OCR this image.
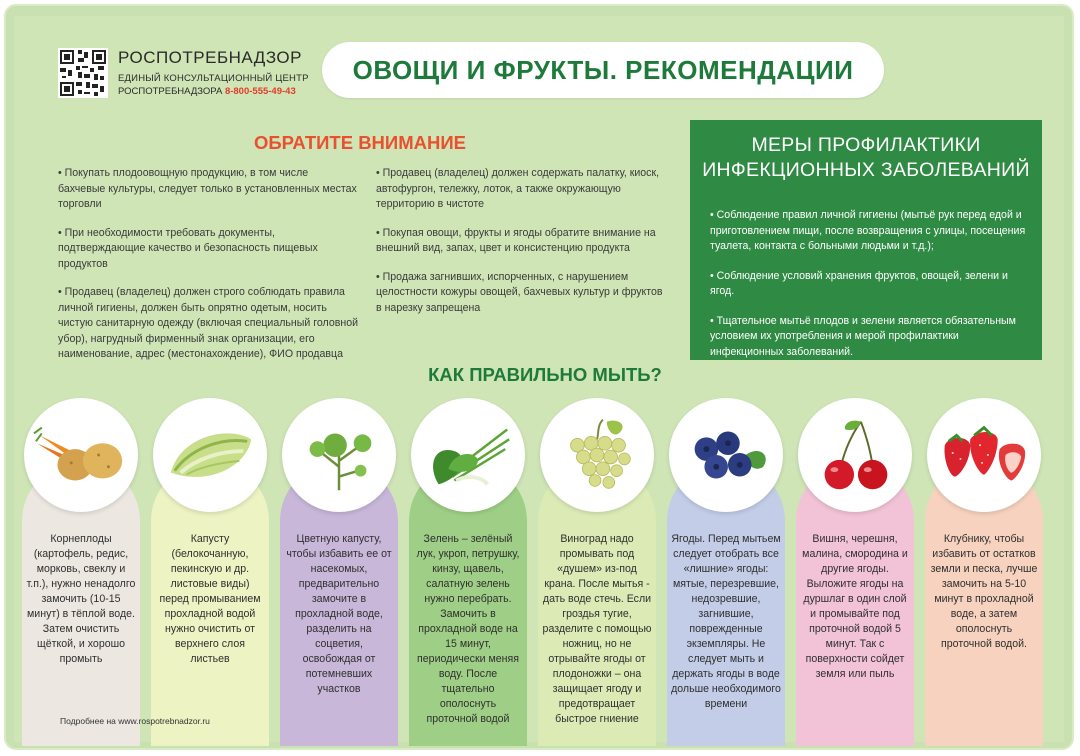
РОСПОТРЕБНАДЗОР
ЕДИНЫЙ КОНСУЛЬТАЦИОННЫЙ ЦЕНТР
РОСПОТРЕБНАДЗОРА 8-800-555-49-43
ОВОЩИ И ФРУКТЫ. РЕКОМЕНДАЦИИ
ОБРАТИТЕ ВНИМАНИЕ

• Покупать плодоовощную продукцию, в том числе бахчевые культуры, следует только в установленных местах торговли

• При необходимости требовать документы, подтверждающие качество и безопасность пищевых продуктов

• Продавец (владелец) должен строго соблюдать правила личной гигиены, должен быть опрятно одетым, носить чистую санитарную одежду (включая специальный головной убор), нагрудный фирменный знак организации, его наименование, адрес (местонахождение), ФИО продавца

• Продавец (владелец) должен содержать палатку, киоск, автофургон, тележку, лоток, а также окружающую территорию в чистоте

• Покупая овощи, фрукты и ягоды обратите внимание на внешний вид, запах, цвет и консистенцию продукта

• Продажа загнивших, испорченных, с нарушением целостности кожуры овощей, бахчевых культур и фруктов в нарезку запрещена

МЕРЫ ПРОФИЛАКТИКИ
ИНФЕКЦИОННЫХ ЗАБОЛЕВАНИЙ

• Соблюдение правил личной гигиены (мытьё рук перед едой и приготовлением пищи, после возвращения с улицы, посещения туалета, контакта с больными людьми и т.д.);

• Соблюдение условий хранения фруктов, овощей, зелени и ягод.

• Тщательное мытьё плодов и зелени является обязательным условием их употребления и мерой профилактики инфекционных заболеваний.

КАК ПРАВИЛЬНО МЫТЬ?
Корнеплоды (картофель, редис, морковь, свеклу и т.п.), нужно ненадолго замочить (10-15 минут) в тёплой воде. Затем очистить щёткой, и хорошо промыть
Капусту (белокочанную, пекинскую и др. листовые виды) перед промыванием прохладной водой нужно очистить от верхнего слоя листьев
Цветную капусту, чтобы избавить ее от насекомых, предварительно замочите в прохладной воде, разделить на соцветия, освобождая от потемневших участков
Зелень – зелёный лук, укроп, петрушку, кинзу, щавель, салатную зелень нужно перебрать. Замочить в прохладной воде на 15 минут, периодически меняя воду. После тщательно ополоснуть проточной водой
Виноград надо промывать под «душем» из-под крана. После мытья - дать воде стечь. Если гроздья тугие, разделите с помощью ножниц, но не отрывайте ягоды от плодоножки – она защищает ягоду и предотвращает быстрое гниение
Ягоды. Перед мытьем следует отобрать все «лишние» ягоды: мятые, перезревшие, недозревшие, загнившие, поврежденные экземпляры. Не следует мыть и держать ягоды в воде дольше необходимого времени
Вишня, черешня, малина, смородина и другие ягоды. Выложите ягоды на дуршлаг в один слой и промывайте под проточной водой 5 минут. Так с поверхности сойдет земля или пыль
Клубнику, чтобы избавить от остатков земли и песка, лучше замочить на 5-10 минут в прохладной воде, а затем ополоснуть проточной водой.
Подробнее на www.rospotrebnadzor.ru
